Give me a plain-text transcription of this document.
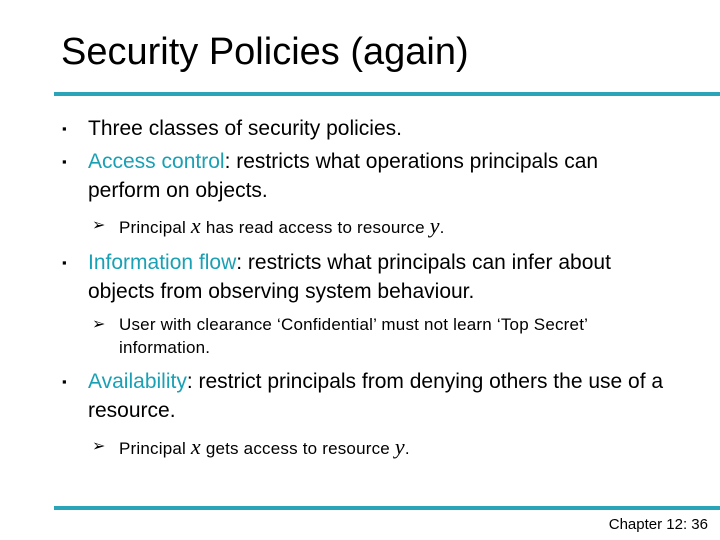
Security Policies (again)
▪ Three classes of security policies.
▪ Access control: restricts what operations principals can perform on objects.
➢ Principal x has read access to resource y.
▪ Information flow: restricts what principals can infer about objects from observing system behaviour.
➢ User with clearance ‘Confidential’ must not learn ‘Top Secret’ information.
▪ Availability: restrict principals from denying others the use of a resource.
➢ Principal x gets access to resource y.
Chapter 12: 36
